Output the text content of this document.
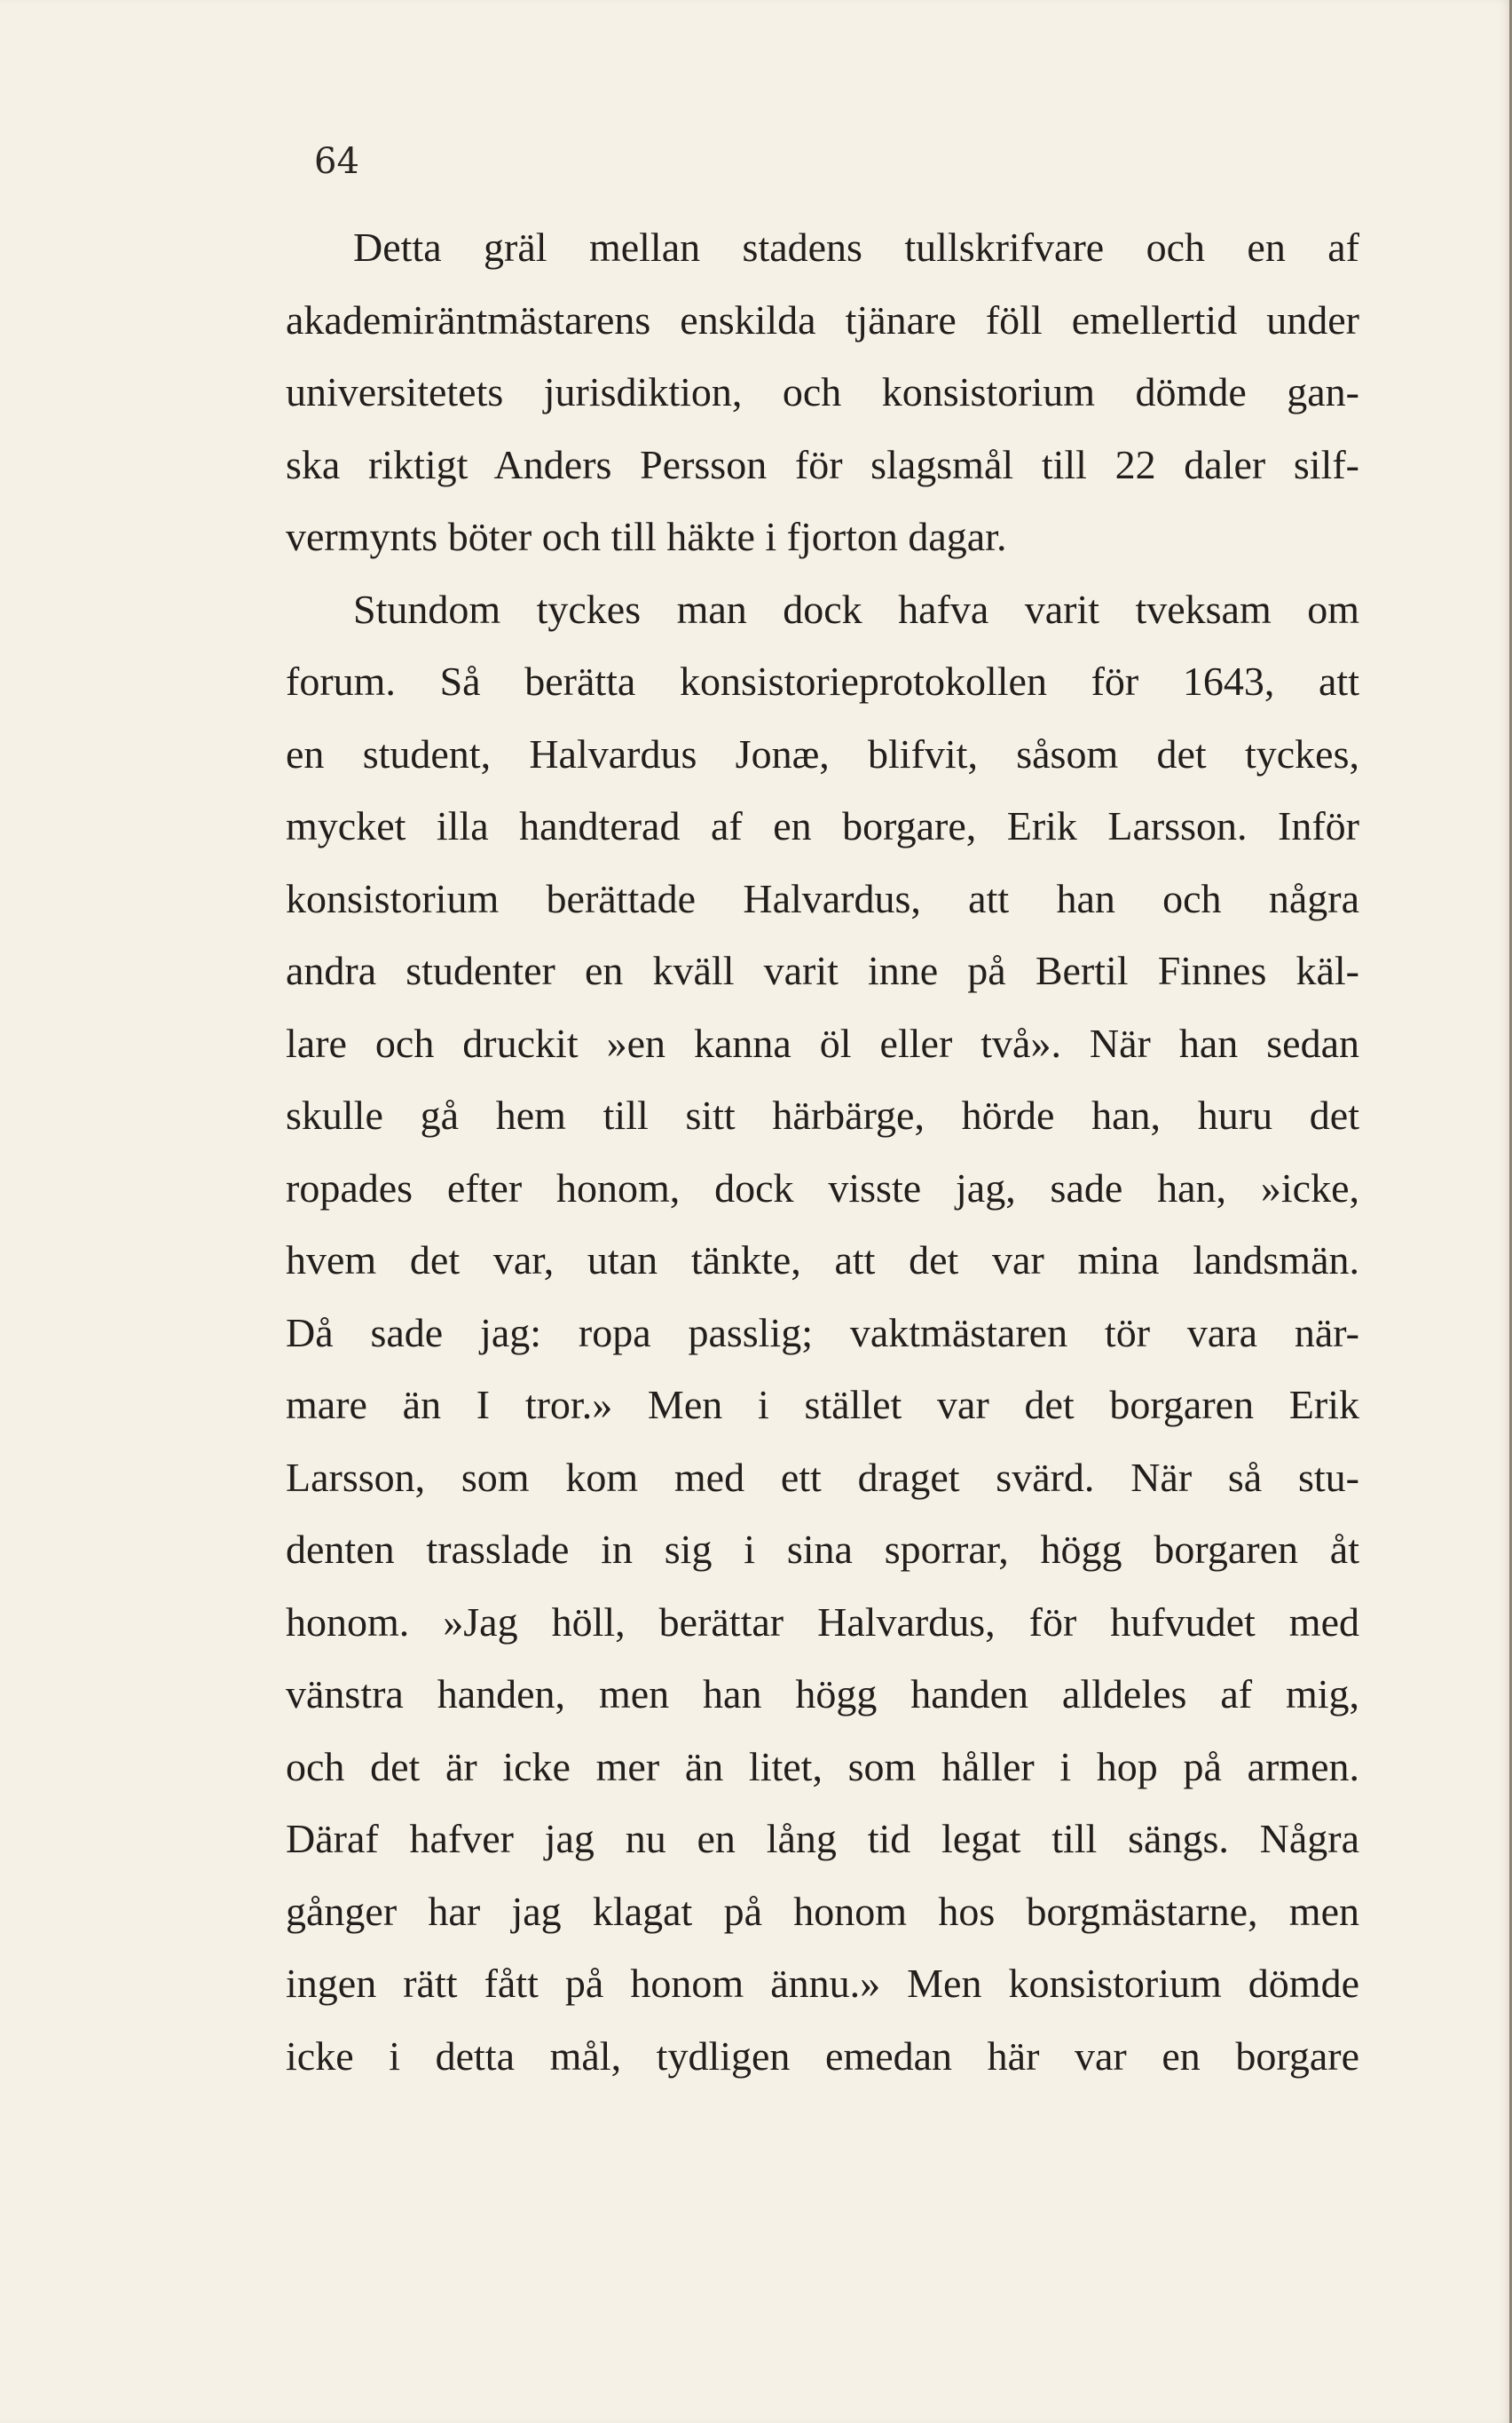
64
Detta gräl mellan stadens tullskrifvare och en af
akademiräntmästarens enskilda tjänare föll emellertid under
universitetets jurisdiktion, och konsistorium dömde gan-
ska riktigt Anders Persson för slagsmål till 22 daler silf-
vermynts böter och till häkte i fjorton dagar.
Stundom tyckes man dock hafva varit tveksam om
forum. Så berätta konsistorieprotokollen för 1643, att
en student, Halvardus Jonæ, blifvit, såsom det tyckes,
mycket illa handterad af en borgare, Erik Larsson. Inför
konsistorium berättade Halvardus, att han och några
andra studenter en kväll varit inne på Bertil Finnes käl-
lare och druckit »en kanna öl eller två». När han sedan
skulle gå hem till sitt härbärge, hörde han, huru det
ropades efter honom, dock visste jag, sade han, »icke,
hvem det var, utan tänkte, att det var mina landsmän.
Då sade jag: ropa passlig; vaktmästaren tör vara när-
mare än I tror.» Men i stället var det borgaren Erik
Larsson, som kom med ett draget svärd. När så stu-
denten trasslade in sig i sina sporrar, högg borgaren åt
honom. »Jag höll, berättar Halvardus, för hufvudet med
vänstra handen, men han högg handen alldeles af mig,
och det är icke mer än litet, som håller i hop på armen.
Däraf hafver jag nu en lång tid legat till sängs. Några
gånger har jag klagat på honom hos borgmästarne, men
ingen rätt fått på honom ännu.» Men konsistorium dömde
icke i detta mål, tydligen emedan här var en borgare
